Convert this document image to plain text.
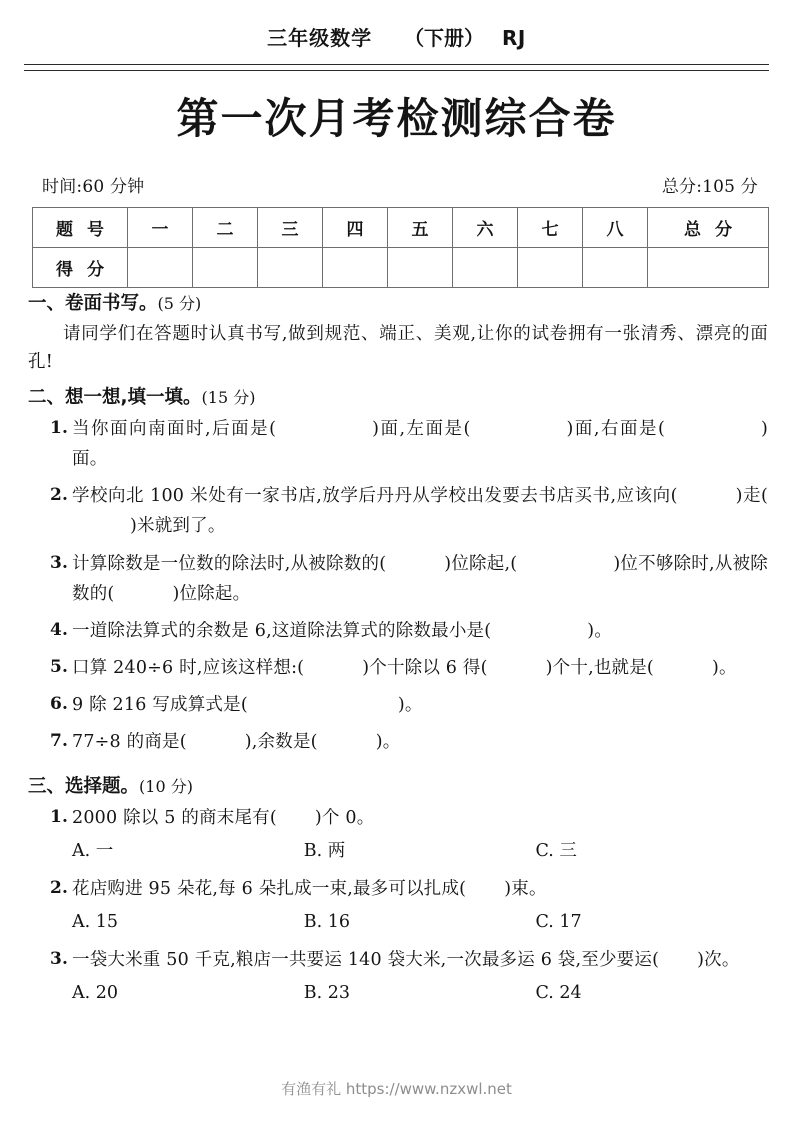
三年级数学 （下册） RJ
第一次月考检测综合卷
时间:60 分钟	总分:105 分
题 号	一	二	三	四	五	六	七	八	总 分
得 分									
一、卷面书写。(5 分)
请同学们在答题时认真书写,做到规范、端正、美观,让你的试卷拥有一张清秀、漂亮的面孔!
二、想一想,填一填。(15 分)
1. 当你面向南面时,后面是(	)面,左面是(	)面,右面是(	)面。
2. 学校向北 100 米处有一家书店,放学后丹丹从学校出发要去书店买书,应该向(	)走()米就到了。
3. 计算除数是一位数的除法时,从被除数的(	)位除起,(	)位不够除时,从被除数的(	)位除起。
4. 一道除法算式的余数是 6,这道除法算式的除数最小是(	)。
5. 口算 240÷6 时,应该这样想:(	)个十除以 6 得(	)个十,也就是(	)。
6. 9 除 216 写成算式是(	)。
7. 77÷8 的商是(	),余数是(	)。
三、选择题。(10 分)
1. 2000 除以 5 的商末尾有( )个 0。
A. 一	B. 两	C. 三
2. 花店购进 95 朵花,每 6 朵扎成一束,最多可以扎成( )束。
A. 15	B. 16	C. 17
3. 一袋大米重 50 千克,粮店一共要运 140 袋大米,一次最多运 6 袋,至少要运( )次。
A. 20	B. 23	C. 24
有渔有礼 https://www.nzxwl.net
